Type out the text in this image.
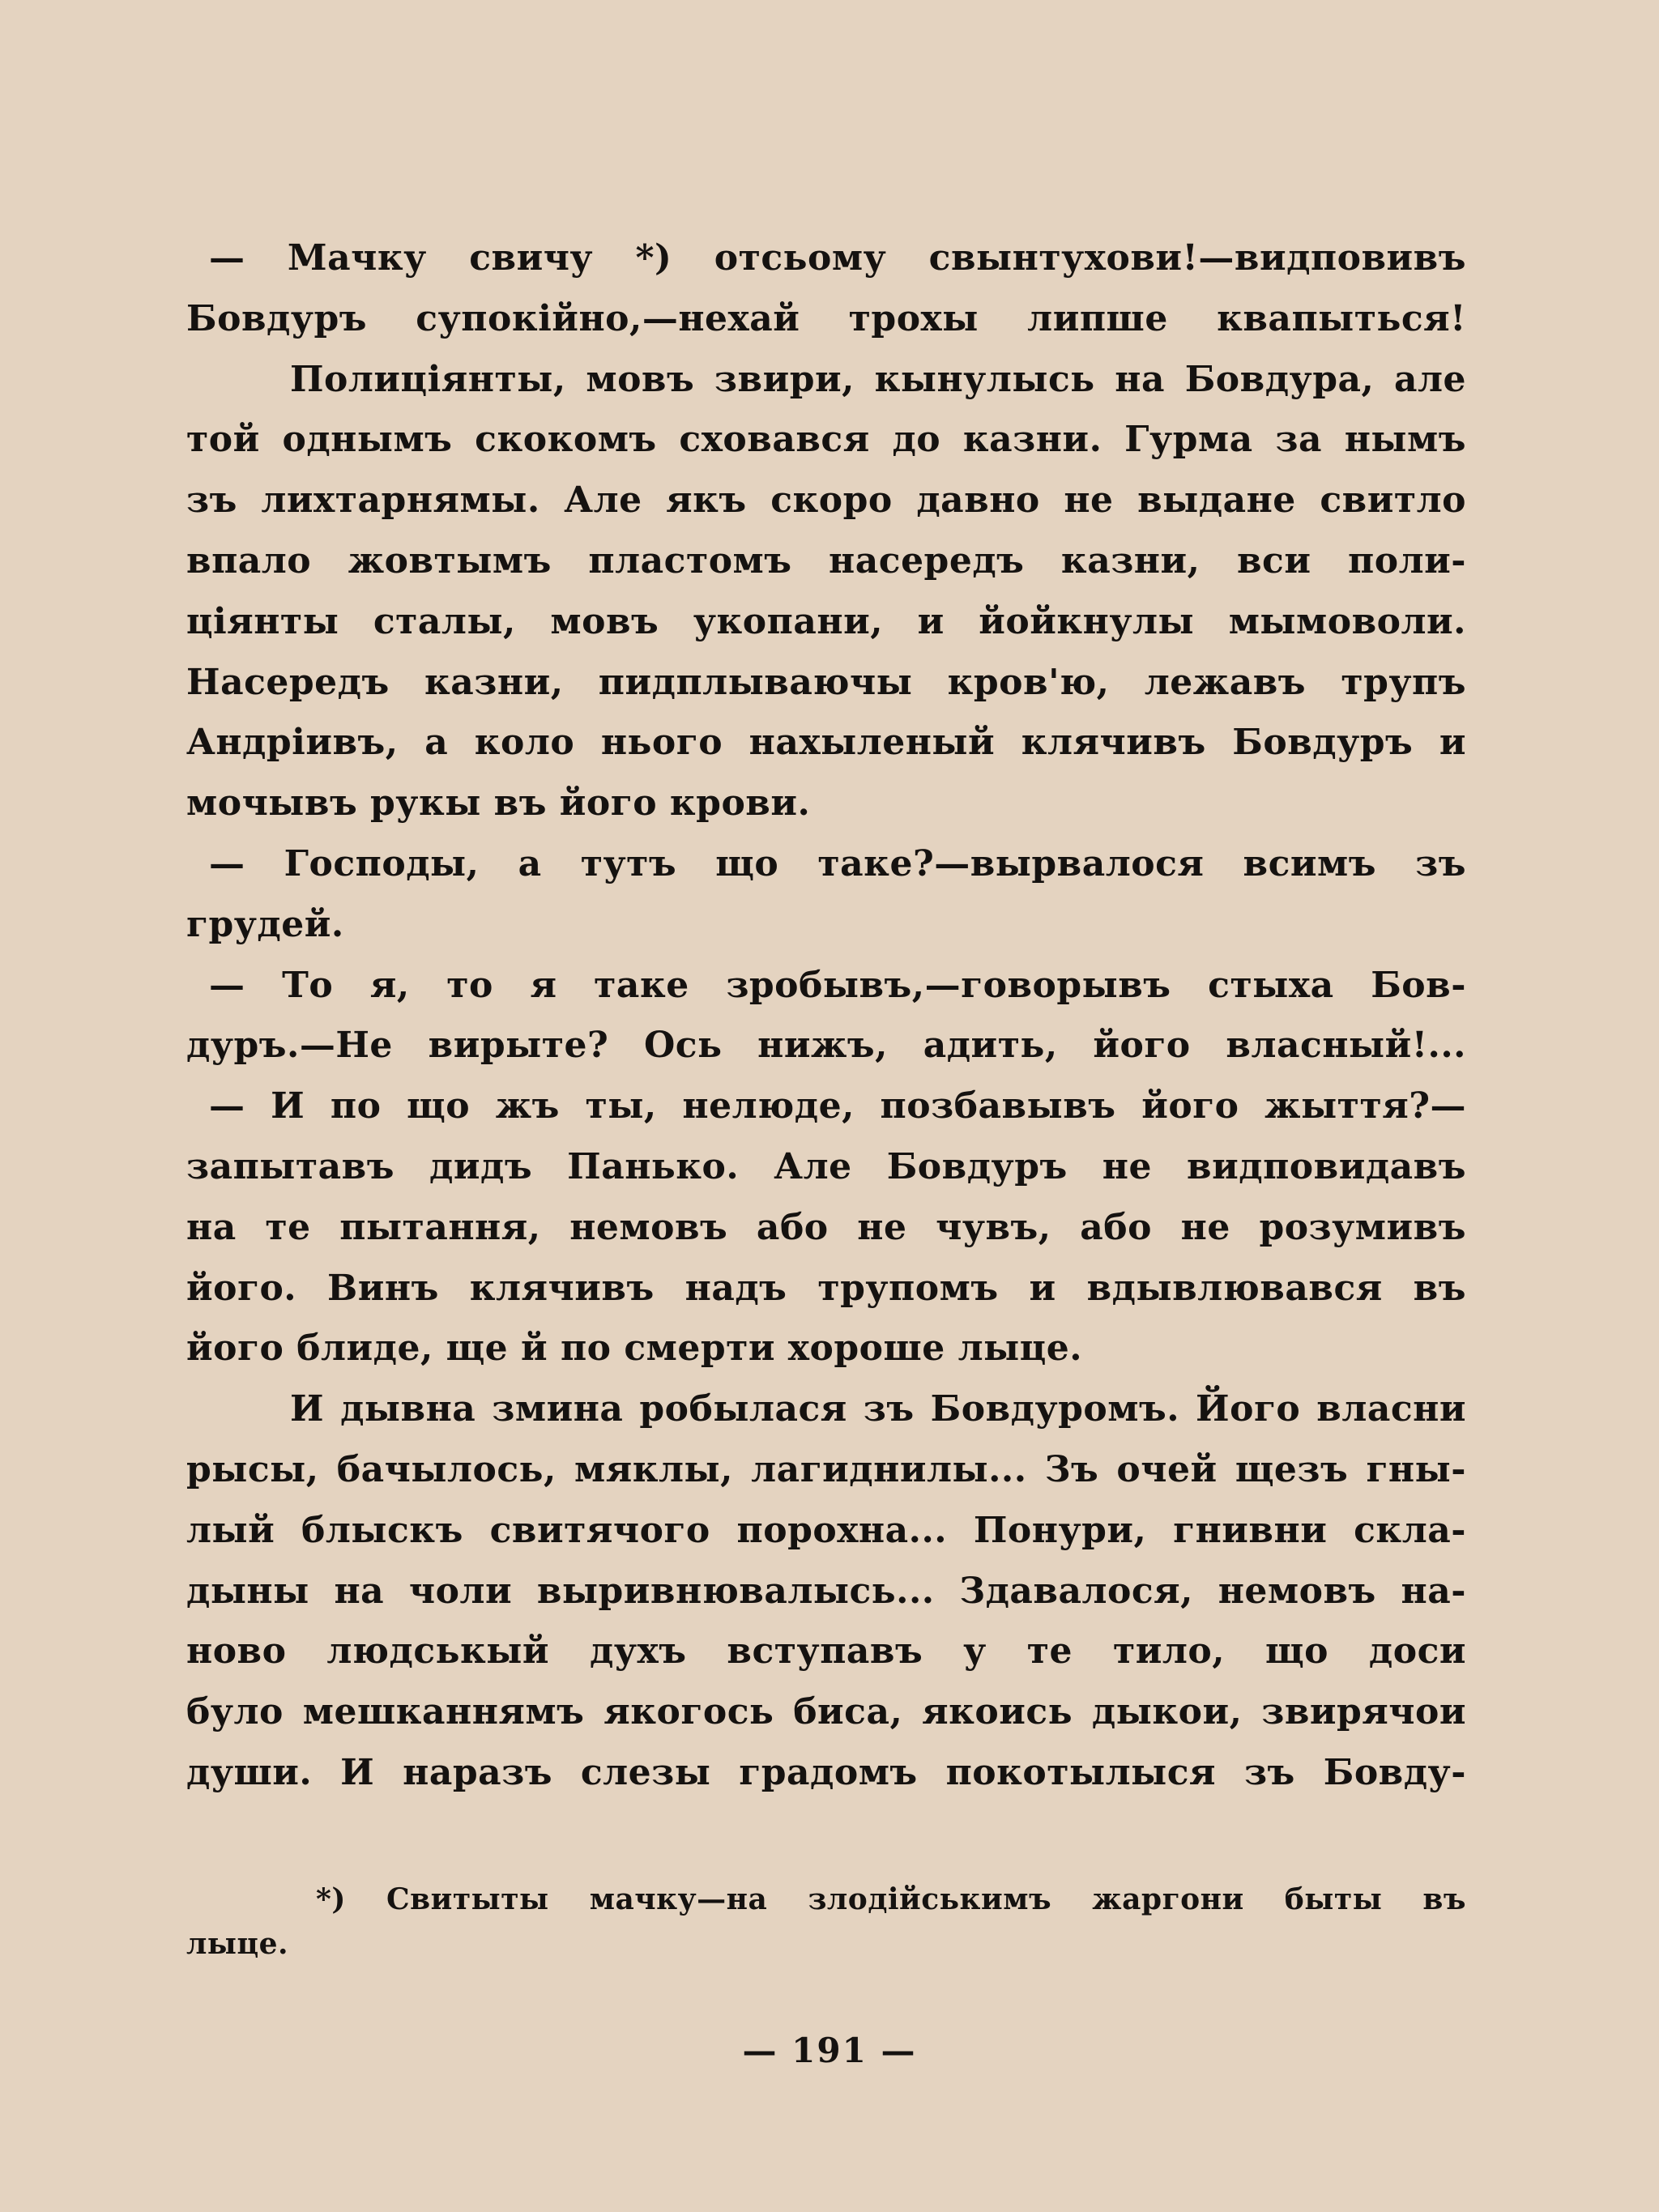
— Мачку свичу *) отсьому свынтухови!—видповивъ
Бовдуръ супокійно,—нехай трохы липше квапыться!
Полиціянты, мовъ звири, кынулысь на Бовдура, але
той однымъ скокомъ сховався до казни. Гурма за нымъ
зъ лихтарнямы. Але якъ скоро давно не выдане свитло
впало жовтымъ пластомъ насередъ казни, вси поли-
ціянты сталы, мовъ укопани, и йойкнулы мымоволи.
Насередъ казни, пидплываючы кров'ю, лежавъ трупъ
Андріивъ, а коло нього нахыленый клячивъ Бовдуръ и
мочывъ рукы въ його крови.
— Господы, а тутъ що таке?—вырвалося всимъ зъ
грудей.
— То я, то я таке зробывъ,—говорывъ стыха Бов-
дуръ.—Не вирыте? Ось нижъ, адить, його власный!...
— И по що жъ ты, нелюде, позбавывъ його жыття?—
запытавъ дидъ Панько. Але Бовдуръ не видповидавъ
на те пытання, немовъ або не чувъ, або не розумивъ
його. Винъ клячивъ надъ трупомъ и вдывлювався въ
його блиде, ще й по смерти хороше лыце.
И дывна змина робылася зъ Бовдуромъ. Його власни
рысы, бачылось, мяклы, лагиднилы... Зъ очей щезъ гны-
лый блыскъ свитячого порохна... Понури, гнивни скла-
дыны на чоли выривнювалысь... Здавалося, немовъ на-
ново людськый духъ вступавъ у те тило, що доси
було мешканнямъ якогось биса, якоись дыкои, звирячои
души. И наразъ слезы градомъ покотылыся зъ Бовду-
*) Свитыты мачку—на злодійськимъ жаргони быты въ
лыце.
— 191 —
